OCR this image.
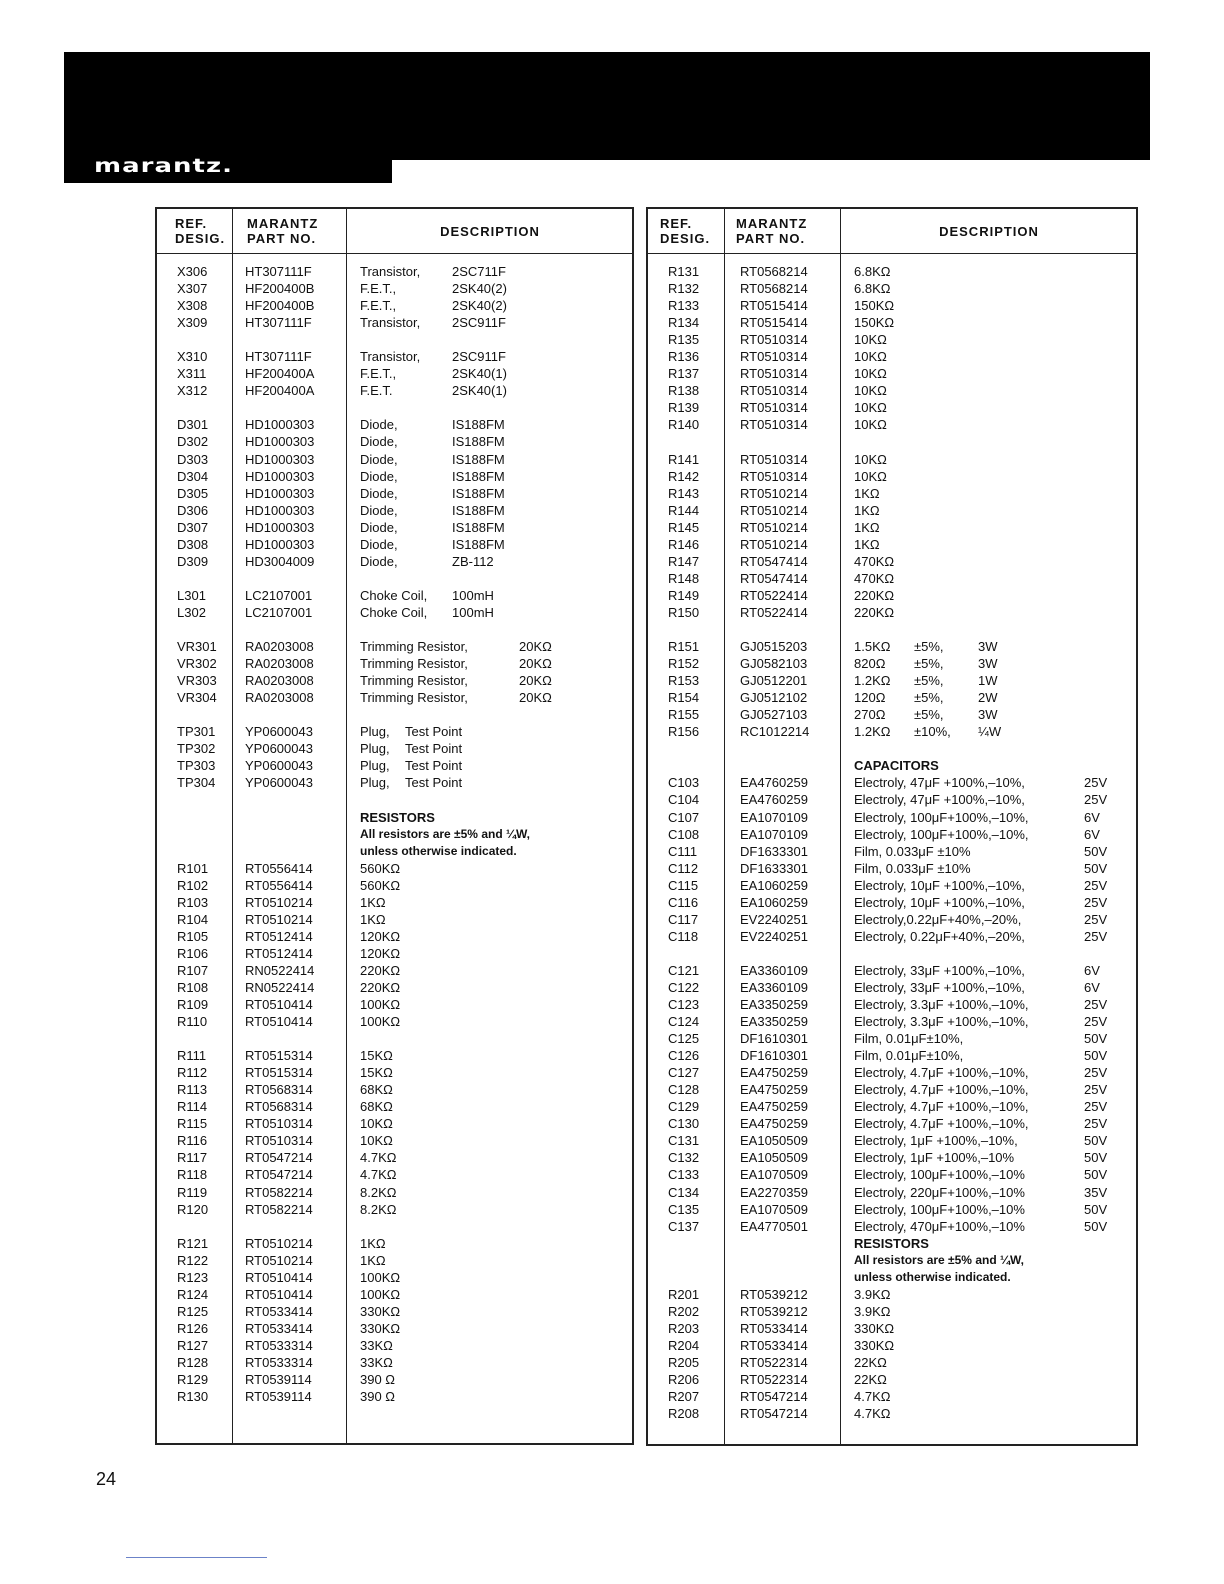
marantz.
REF.
DESIG.
MARANTZ
PART NO.	DESCRIPTION
X306	HT307111F	Transistor, 2SC711F
X307	HF200400B	F.E.T.,	2SK40(2)
X308	HF200400B	F.E.T.,	2SK40(2)
X309	HT307111F	Transistor, 2SC911F
X310	HT307111F	Transistor, 2SC911F
X311	HF200400A	F.E.T.,	2SK40(1)
X312	HF200400A	F.E.T.	2SK40(1)
D301	HD1000303	Diode,	IS188FM
D302	HD1000303	Diode,	IS188FM
D303	HD1000303	Diode,	IS188FM
D304	HD1000303	Diode,	IS188FM
D305	HD1000303	Diode,	IS188FM
D306	HD1000303	Diode,	IS188FM
D307	HD1000303	Diode,	IS188FM
D308	HD1000303	Diode,	IS188FM
D309	HD3004009	Diode,	ZB-112
L301	LC2107001	Choke Coil, 100mH
L302	LC2107001	Choke Coil, 100mH
VR301 RA0203008	Trimming Resistor,	20KΩ
VR302 RA0203008	Trimming Resistor,	20KΩ
VR303 RA0203008	Trimming Resistor,	20KΩ
VR304 RA0203008	Trimming Resistor,	20KΩ
TP301 YP0600043	Plug, Test Point
TP302 YP0600043	Plug, Test Point
TP303 YP0600043	Plug, Test Point
TP304 YP0600043	Plug, Test Point
RESISTORS
All resistors are ±5% and ¼W,
unless otherwise indicated.
R101	RT0556414	560KΩ
R102	RT0556414	560KΩ
R103	RT0510214	1KΩ
R104	RT0510214	1KΩ
R105	RT0512414	120KΩ
R106	RT0512414	120KΩ
R107	RN0522414	220KΩ
R108	RN0522414	220KΩ
R109	RT0510414	100KΩ
R110	RT0510414	100KΩ
R111	RT0515314	15KΩ
R112	RT0515314	15KΩ
R113	RT0568314	68KΩ
R114	RT0568314	68KΩ
R115	RT0510314	10KΩ
R116	RT0510314	10KΩ
R117	RT0547214	4.7KΩ
R118	RT0547214	4.7KΩ
R119	RT0582214	8.2KΩ
R120	RT0582214	8.2KΩ
R121	RT0510214	1KΩ
R122	RT0510214	1KΩ
R123	RT0510414	100KΩ
R124	RT0510414	100KΩ
R125	RT0533414	330KΩ
R126	RT0533414	330KΩ
R127	RT0533314	33KΩ
R128	RT0533314	33KΩ
R129	RT0539114	390 Ω
R130	RT0539114	390 Ω
REF.
DESIG.
MARANTZ
PART NO.	DESCRIPTION
R131	RT0568214	6.8KΩ
R132	RT0568214	6.8KΩ
R133	RT0515414	150KΩ
R134	RT0515414	150KΩ
R135	RT0510314	10KΩ
R136	RT0510314	10KΩ
R137	RT0510314	10KΩ
R138	RT0510314	10KΩ
R139	RT0510314	10KΩ
R140	RT0510314	10KΩ
R141	RT0510314	10KΩ
R142	RT0510314	10KΩ
R143	RT0510214	1KΩ
R144	RT0510214	1KΩ
R145	RT0510214	1KΩ
R146	RT0510214	1KΩ
R147	RT0547414	470KΩ
R148	RT0547414	470KΩ
R149	RT0522414	220KΩ
R150	RT0522414	220KΩ
R151	GJ0515203	1.5KΩ ±5%,	3W
R152	GJ0582103	820Ω ±5%,	3W
R153	GJ0512201	1.2KΩ ±5%,	1W
R154	GJ0512102	120Ω ±5%,	2W
R155	GJ0527103	270Ω ±5%,	3W
R156	RC1012214	1.2KΩ ±10%, ¼W
CAPACITORS
C103	EA4760259	Electroly, 47μF +100%,–10%,	25V
C104	EA4760259	Electroly, 47μF +100%,–10%,	25V
C107	EA1070109	Electroly, 100μF+100%,–10%,	6V
C108	EA1070109	Electroly, 100μF+100%,–10%,	6V
C111	DF1633301	Film, 0.033μF ±10%	50V
C112	DF1633301	Film, 0.033μF ±10%	50V
C115	EA1060259	Electroly, 10μF +100%,–10%,	25V
C116	EA1060259	Electroly, 10μF +100%,–10%,	25V
C117	EV2240251	Electroly,0.22μF+40%,–20%,	25V
C118	EV2240251	Electroly, 0.22μF+40%,–20%,	25V
C121	EA3360109	Electroly, 33μF +100%,–10%,	6V
C122	EA3360109	Electroly, 33μF +100%,–10%,	6V
C123	EA3350259	Electroly, 3.3μF +100%,–10%,	25V
C124	EA3350259	Electroly, 3.3μF +100%,–10%,	25V
C125	DF1610301	Film, 0.01μF±10%,	50V
C126	DF1610301	Film, 0.01μF±10%,	50V
C127	EA4750259	Electroly, 4.7μF +100%,–10%,	25V
C128	EA4750259	Electroly, 4.7μF +100%,–10%,	25V
C129	EA4750259	Electroly, 4.7μF +100%,–10%,	25V
C130	EA4750259	Electroly, 4.7μF +100%,–10%,	25V
C131	EA1050509	Electroly, 1μF +100%,–10%,	50V
C132	EA1050509	Electroly, 1μF +100%,–10%	50V
C133	EA1070509	Electroly, 100μF+100%,–10%	50V
C134	EA2270359	Electroly, 220μF+100%,–10%	35V
C135	EA1070509	Electroly, 100μF+100%,–10%	50V
C137	EA4770501	Electroly, 470μF+100%,–10%	50V
RESISTORS
All resistors are ±5% and ¼W,
unless otherwise indicated.
R201	RT0539212	3.9KΩ
R202	RT0539212	3.9KΩ
R203	RT0533414	330KΩ
R204	RT0533414	330KΩ
R205	RT0522314	22KΩ
R206	RT0522314	22KΩ
R207	RT0547214	4.7KΩ
R208	RT0547214	4.7KΩ
24
